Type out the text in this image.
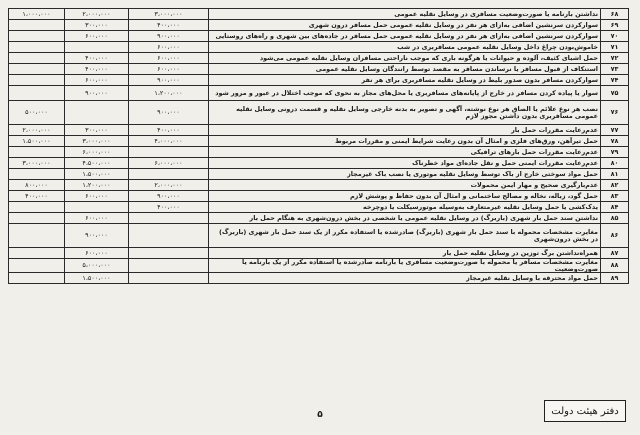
۱،۰۰۰،۰۰۰	۲،۰۰۰،۰۰۰	۳،۰۰۰،۰۰۰	نداشتن بارنامه یا صورت‌وضعیت مسافری در وسایل نقلیه عمومی	۶۸
	۳۰۰،۰۰۰	۴۰۰،۰۰۰	سوارکردن سرنشین اضافی به‌ازای هر نفر در وسایل نقلیه عمومی حمل مسافر درون شهری	۶۹
	۶۰۰،۰۰۰	۹۰۰،۰۰۰	سوارکردن سرنشین اضافی به‌ازای هر نفر در وسایل نقلیه عمومی حمل مسافر در جاده‌های بین شهری و راه‌های روستایی	۷۰
		۶۰۰،۰۰۰	خاموش‌بودن چراغ داخل وسایل نقلیه عمومی مسافربری در شب	۷۱
	۴۰۰،۰۰۰	۶۰۰،۰۰۰	حمل اشیای کثیف، آلوده و حیوانات یا هرگونه باری که موجب ناراحتی مسافران وسایل نقلیه عمومی می‌شود	۷۲
	۴۰۰،۰۰۰	۶۰۰،۰۰۰	استنکاف از قبول مسافر یا نرساندن مسافر به مقصد توسط رانندگان وسایل نقلیه عمومی	۷۳
	۶۰۰،۰۰۰	۹۰۰،۰۰۰	سوارکردن مسافر بدون صدور بلیط در وسایل نقلیه مسافربری برای هر نفر	۷۴
	۹۰۰،۰۰۰	۱،۲۰۰،۰۰۰	سوار یا پیاده کردن مسافر در خارج از پایانه‌های مسافربری یا محل‌های مجاز به نحوی که موجب اختلال در عبور و مرور شود	۷۵
۵۰۰،۰۰۰		۹۰۰،۰۰۰	نصب هر نوع علائم یا الصاق هر نوع نوشته، آگهی و تصویر به بدنه خارجی وسایل نقلیه و قسمت درونی وسایل نقلیه عمومی مسافربری بدون داشتن مجوز لازم	۷۶
۲،۰۰۰،۰۰۰	۳۰۰،۰۰۰	۴۰۰،۰۰۰	عدم‌رعایت مقررات حمل بار	۷۷
۱،۵۰۰،۰۰۰	۳،۰۰۰،۰۰۰	۴،۰۰۰،۰۰۰	حمل تیرآهن، ورق‌های فلزی و امثال آن بدون رعایت شرایط ایمنی و مقررات مربوط	۷۸
	۶،۰۰۰،۰۰۰		عدم‌رعایت مقررات حمل بارهای ترافیکی	۷۹
۳،۰۰۰،۰۰۰	۴،۵۰۰،۰۰۰	۶،۰۰۰،۰۰۰	عدم‌رعایت مقررات ایمنی حمل و نقل جاده‌ای مواد خطرناک	۸۰
	۱،۵۰۰،۰۰۰		حمل مواد سوختی خارج از باک توسط وسایل نقلیه موتوری یا نصب باک غیرمجاز	۸۱
۸۰۰،۰۰۰	۱،۲۰۰،۰۰۰	۲،۰۰۰،۰۰۰	عدم‌بارگیری صحیح و مهار ایمن محمولات	۸۲
۴۰۰،۰۰۰	۶۰۰،۰۰۰	۹۰۰،۰۰۰	حمل گود، زباله، نخاله و مصالح ساختمانی و امثال آن بدون حفاظ و پوشش لازم	۸۳
		۴۰۰،۰۰۰	یدک‌کشی یا حمل وسایل نقلیه غیرمتعارف به‌وسیله موتورسیکلت یا دوچرخه	۸۴
	۶۰۰،۰۰۰		نداشتن سند حمل بار شهری (باربرگ) در وسایل نقلیه عمومی یا شخصی در بخش درون‌شهری به هنگام حمل بار	۸۵
	۹۰۰،۰۰۰		مغایرت مشخصات محموله با سند حمل بار شهری (باربرگ) صادرشده یا استفاده مکرر از یک سند حمل بار شهری (باربرگ) در بخش درون‌شهری	۸۶
	۶۰۰،۰۰۰		همراه‌نداشتن برگ توزین در وسایل نقلیه حمل بار	۸۷
	۵،۰۰۰،۰۰۰		مغایرت مشخصات مسافر یا محموله با صورت‌وضعیت مسافری یا بارنامه صادرشده یا استفاده مکرر از یک بارنامه یا صورت‌وضعیت	۸۸
	۱،۵۰۰،۰۰۰		حمل مواد محترقه با وسایل نقلیه غیرمجاز	۸۹
۵	دفتر هیئت دولت
